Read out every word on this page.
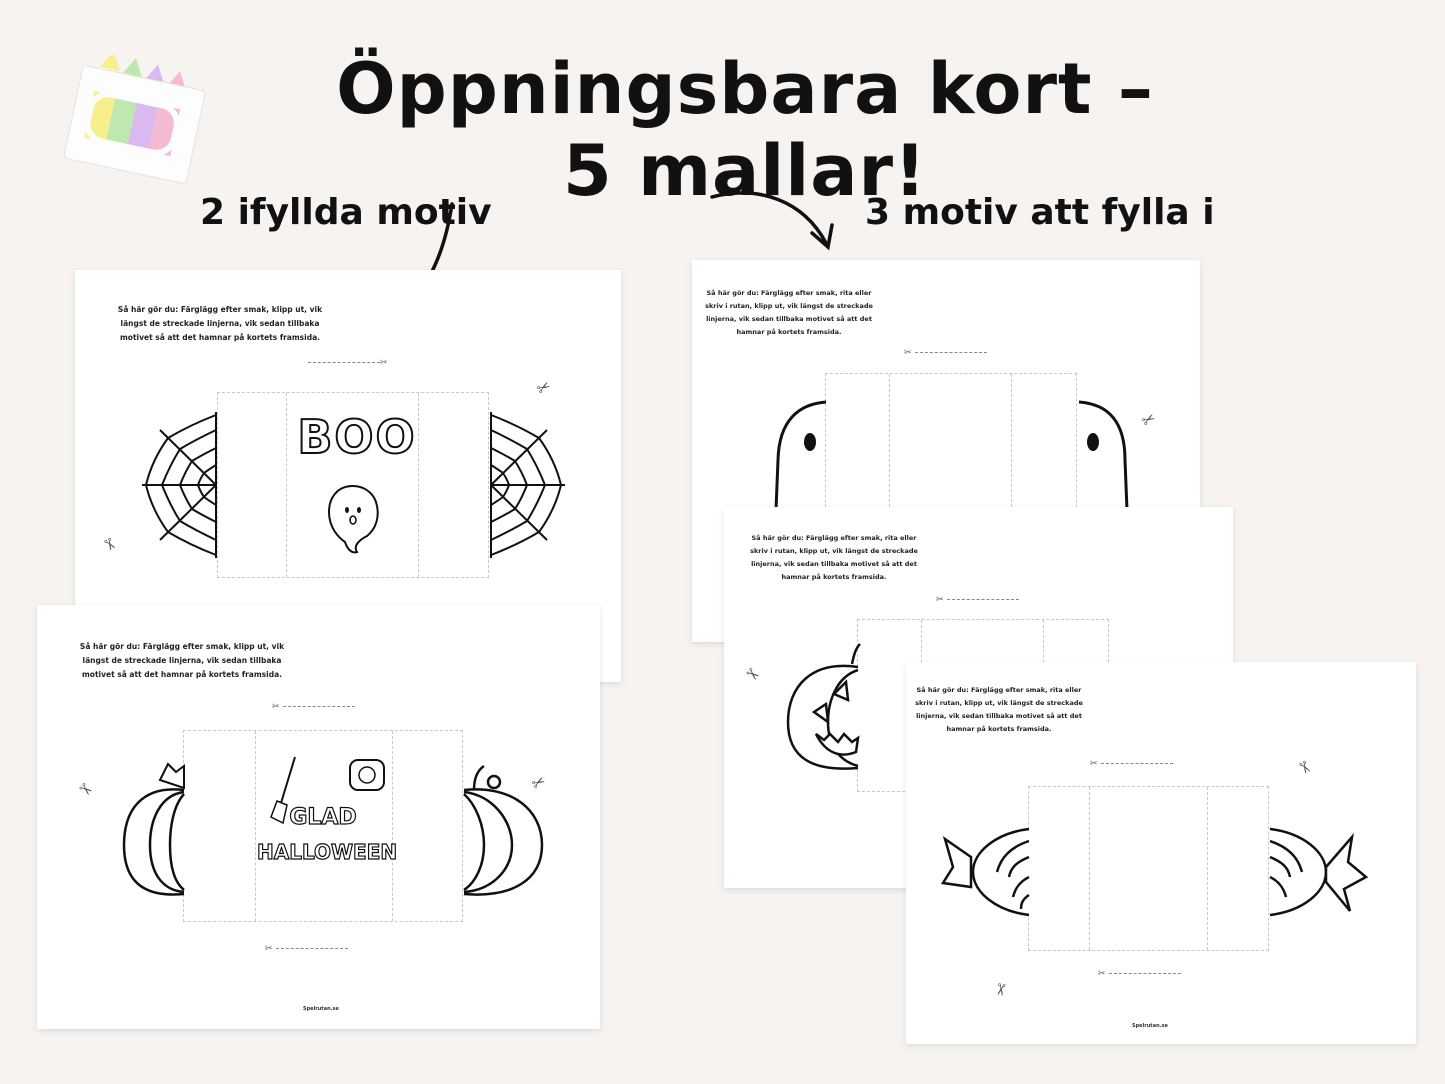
Öppningsbara kort – 5 mallar!
2 ifyllda motiv	3 motiv att fylla i
Så här gör du: Färglägg efter smak, klipp ut, vik längst de streckade linjerna, vik sedan tillbaka motivet så att det hamnar på kortets framsida.
✂
BOO
✂
✂
Så här gör du: Färglägg efter smak, klipp ut, vik längst de streckade linjerna, vik sedan tillbaka motivet så att det hamnar på kortets framsida.
✂
GLAD
HALLOWEEN
✂
✂	✂
Spelrutan.se
Så här gör du: Färglägg efter smak, rita eller skriv i rutan, klipp ut, vik längst de streckade linjerna, vik sedan tillbaka motivet så att det hamnar på kortets framsida.
✂
✂
Så här gör du: Färglägg efter smak, rita eller skriv i rutan, klipp ut, vik längst de streckade linjerna, vik sedan tillbaka motivet så att det hamnar på kortets framsida.
✂
✂
Så här gör du: Färglägg efter smak, rita eller skriv i rutan, klipp ut, vik längst de streckade linjerna, vik sedan tillbaka motivet så att det hamnar på kortets framsida.
✂
✂
✂
✂
Spelrutan.se
